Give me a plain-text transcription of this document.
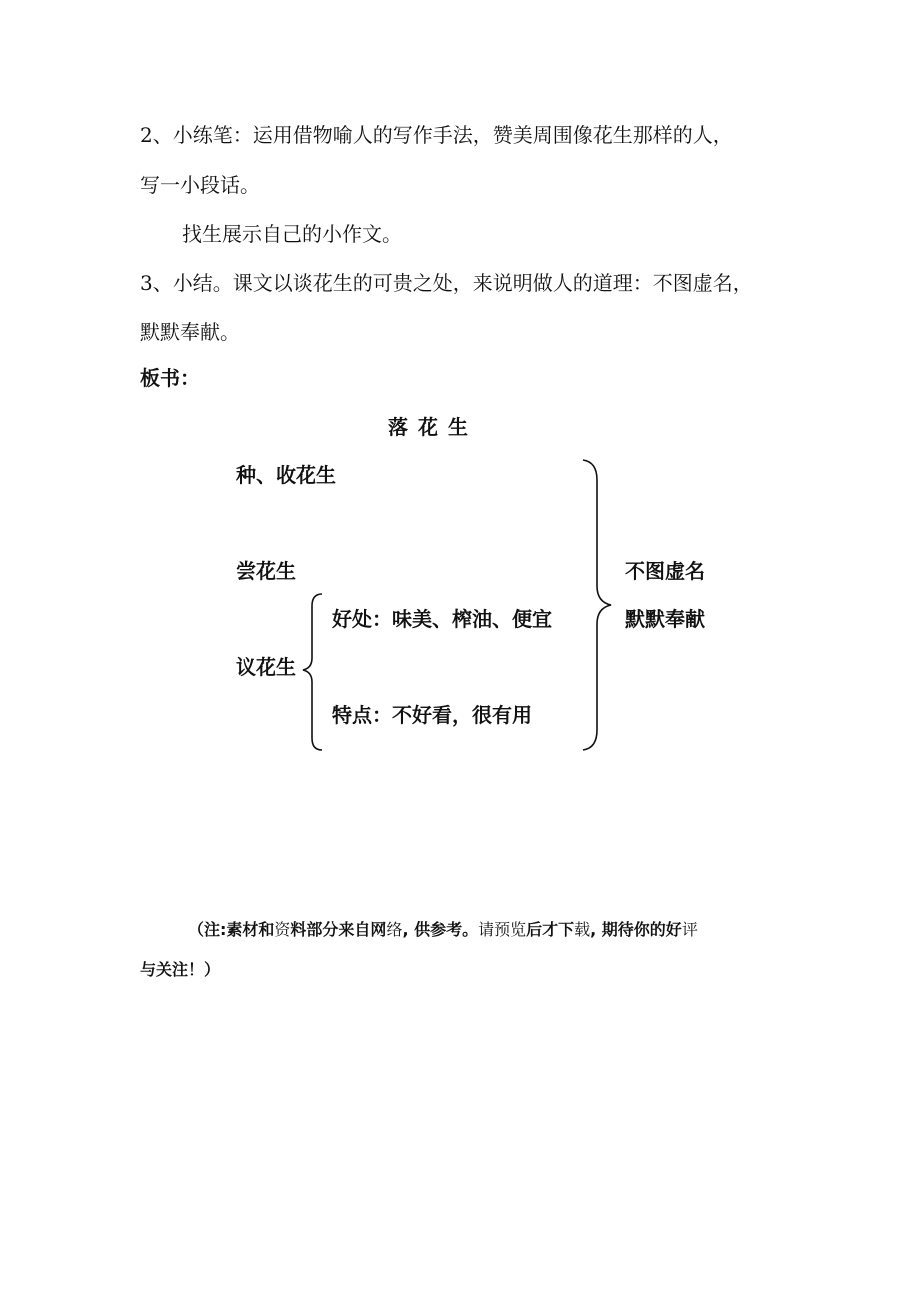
2、小练笔：运用借物喻人的写作手法，赞美周围像花生那样的人，
写一小段话。
找生展示自己的小作文。
3、小结。课文以谈花生的可贵之处，来说明做人的道理：不图虚名，
默默奉献。
板书：
落花生
种、收花生
尝花生
议花生
好处：味美、榨油、便宜
特点：不好看，很有用
不图虚名
默默奉献
（注:素材和资料部分来自网络, 供参考。请预览后才下载, 期待你的好评
与关注！）
